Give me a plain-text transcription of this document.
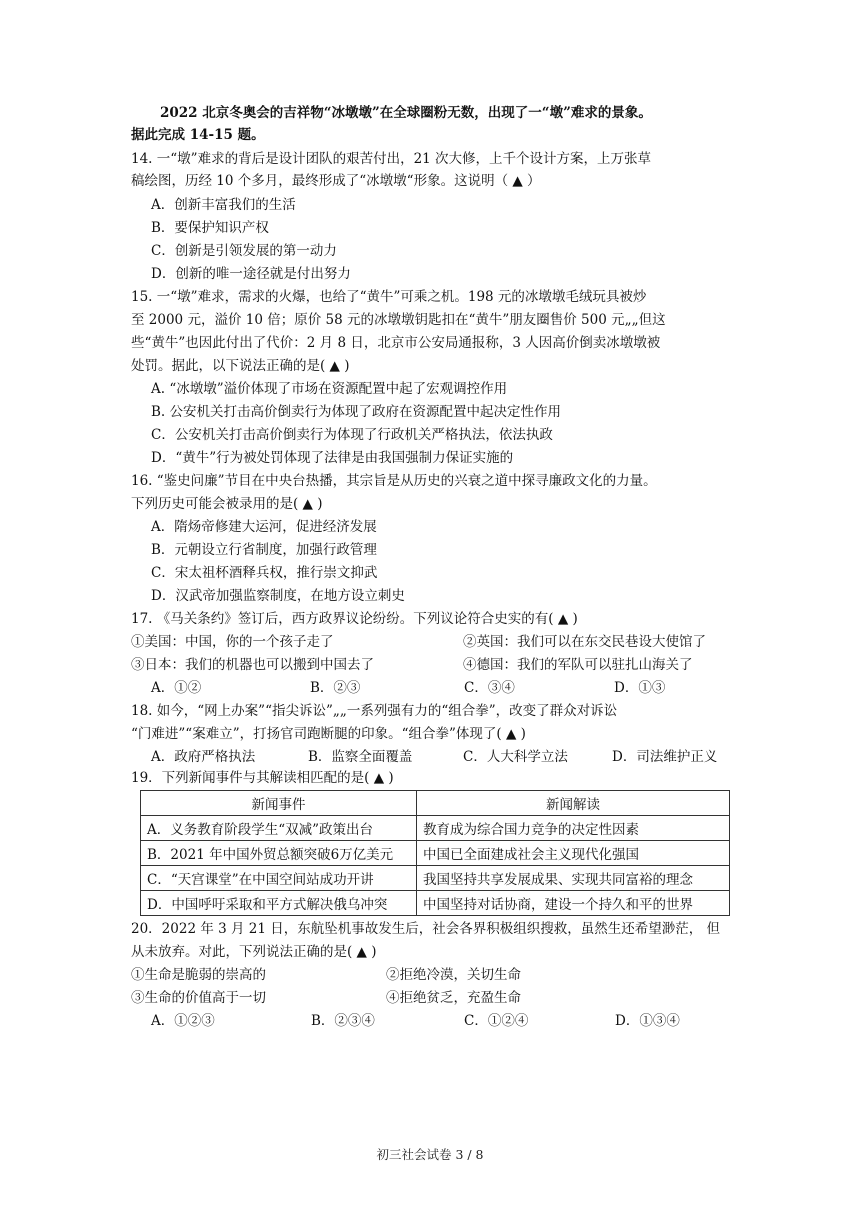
2022 北京冬奥会的吉祥物“冰墩墩”在全球圈粉无数，出现了一“墩”难求的景象。
据此完成 14-15 题。
14. 一“墩”难求的背后是设计团队的艰苦付出，21 次大修，上千个设计方案，上万张草
稿绘图，历经 10 个多月，最终形成了“冰墩墩“形象。这说明（ ▲ ）
A．创新丰富我们的生活
B．要保护知识产权
C．创新是引领发展的第一动力
D．创新的唯一途径就是付出努力
15. 一“墩”难求，需求的火爆，也给了“黄牛”可乘之机。198 元的冰墩墩毛绒玩具被炒
至 2000 元，溢价 10 倍；原价 58 元的冰墩墩钥匙扣在“黄牛”朋友圈售价 500 元„„但这
些“黄牛”也因此付出了代价：2 月 8 日，北京市公安局通报称，3 人因高价倒卖冰墩墩被
处罚。据此，以下说法正确的是( ▲ )
A. “冰墩墩”溢价体现了市场在资源配置中起了宏观调控作用
B. 公安机关打击高价倒卖行为体现了政府在资源配置中起决定性作用
C．公安机关打击高价倒卖行为体现了行政机关严格执法，依法执政
D．“黄牛”行为被处罚体现了法律是由我国强制力保证实施的
16. “鉴史问廉”节目在中央台热播，其宗旨是从历史的兴衰之道中探寻廉政文化的力量。
下列历史可能会被录用的是( ▲ )
A．隋炀帝修建大运河，促进经济发展
B．元朝设立行省制度，加强行政管理
C．宋太祖杯酒释兵权，推行崇文抑武
D．汉武帝加强监察制度，在地方设立刺史
17. 《马关条约》签订后，西方政界议论纷纷。下列议论符合史实的有( ▲ )
①美国：中国，你的一个孩子走了	②英国：我们可以在东交民巷设大使馆了
③日本：我们的机器也可以搬到中国去了	④德国：我们的军队可以驻扎山海关了
A．①②	B．②③	C．③④	D．①③
18. 如今，“网上办案”“指尖诉讼”„„一系列强有力的“组合拳”，改变了群众对诉讼
“门难进”“案难立”，打扬官司跑断腿的印象。“组合拳”体现了( ▲ )
A．政府严格执法	B．监察全面覆盖	C．人大科学立法	D．司法维护正义
19．下列新闻事件与其解读相匹配的是( ▲ )
新闻事件	新闻解读
A．义务教育阶段学生“双减”政策出台	教育成为综合国力竞争的决定性因素
B．2021 年中国外贸总额突破6万亿美元	中国已全面建成社会主义现代化强国
C．“天宫课堂”在中国空间站成功开讲	我国坚持共享发展成果、实现共同富裕的理念
D．中国呼吁采取和平方式解决俄乌冲突	中国坚持对话协商，建设一个持久和平的世界
20．2022 年 3 月 21 日，东航坠机事故发生后，社会各界积极组织搜救，虽然生还希望渺茫， 但
从未放弃。对此，下列说法正确的是( ▲ )
①生命是脆弱的崇高的	②拒绝冷漠，关切生命
③生命的价值高于一切	④拒绝贫乏，充盈生命
A．①②③	B．②③④	C．①②④	D．①③④
初三社会试卷 3 / 8
